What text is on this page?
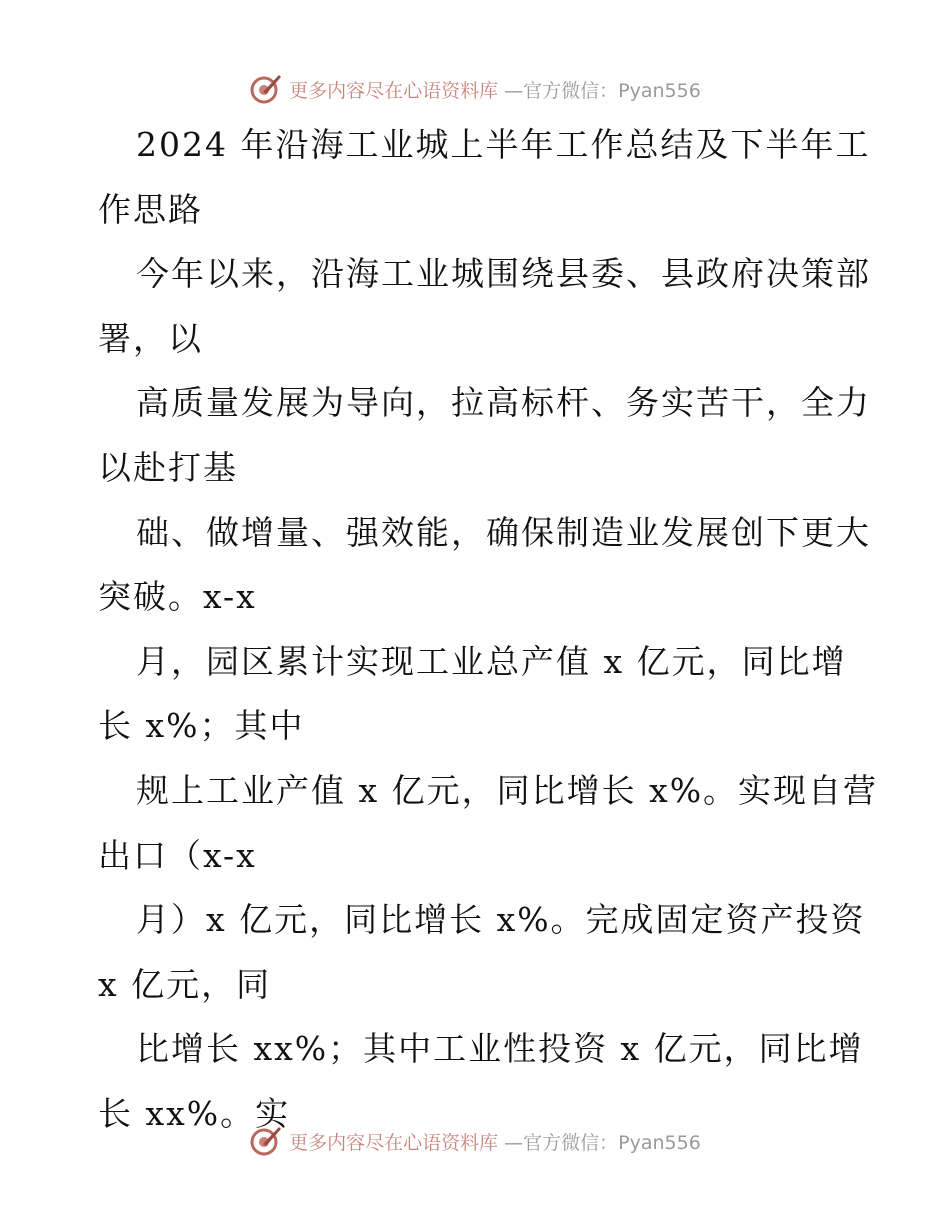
更多内容尽在心语资料库 —官方微信：Pyan556
2024 年沿海工业城上半年工作总结及下半年工
作思路
今年以来，沿海工业城围绕县委、县政府决策部
署，以
高质量发展为导向，拉高标杆、务实苦干，全力
以赴打基
础、做增量、强效能，确保制造业发展创下更大
突破。x-x
月，园区累计实现工业总产值 x 亿元，同比增
长 x%；其中
规上工业产值 x 亿元，同比增长 x%。实现自营
出口（x-x
月）x 亿元，同比增长 x%。完成固定资产投资
x 亿元，同
比增长 xx%；其中工业性投资 x 亿元，同比增
长 xx%。实
更多内容尽在心语资料库 —官方微信：Pyan556
